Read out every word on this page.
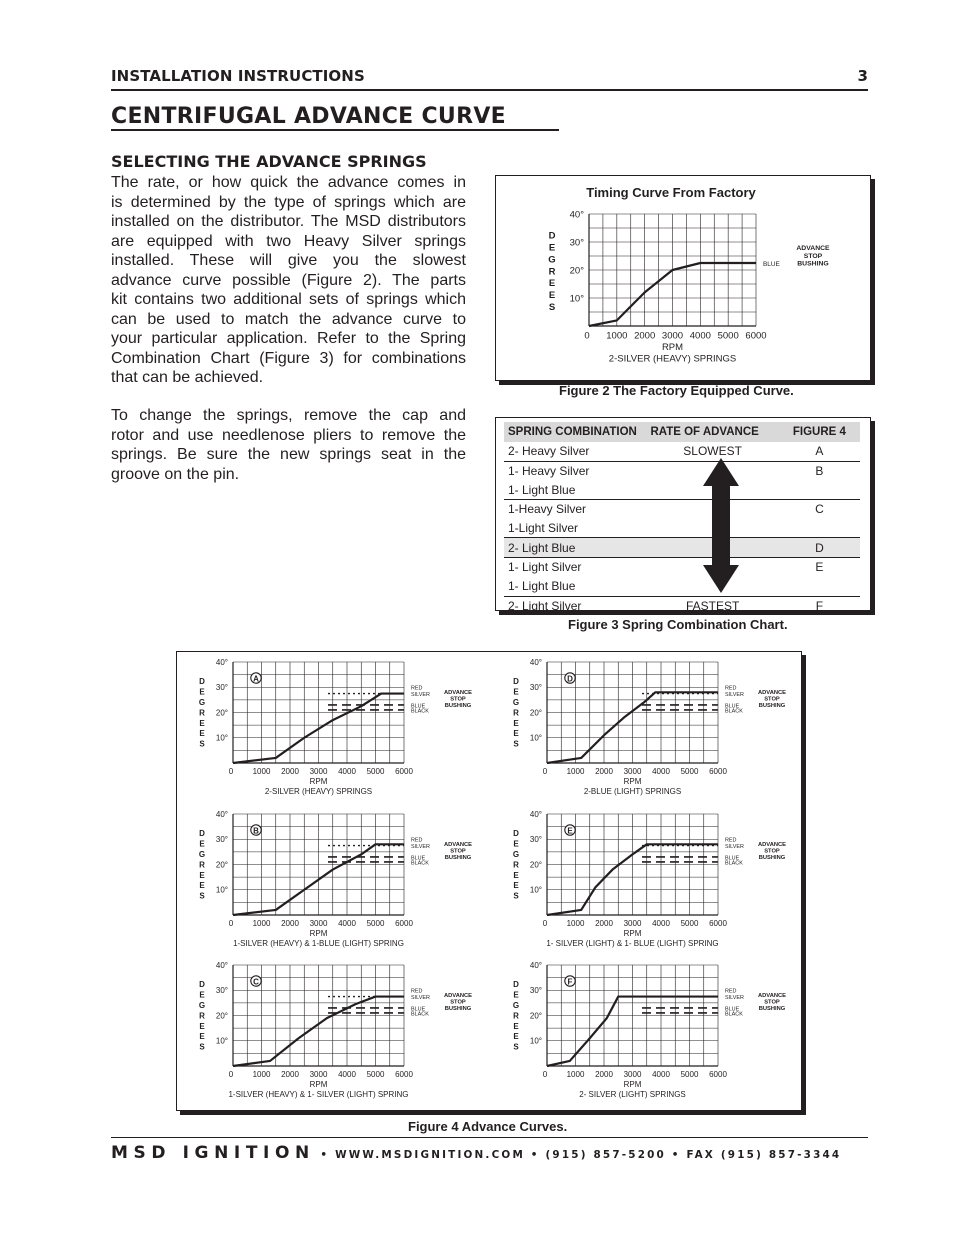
INSTALLATION INSTRUCTIONS	3
CENTRIFUGAL ADVANCE CURVE
SELECTING THE ADVANCE SPRINGS

The rate, or how quick the advance comes in

is determined by the type of springs which are

installed on the distributor. The MSD distributors

are equipped with two Heavy Silver springs

installed. These will give you the slowest

advance curve possible (Figure 2). The parts

kit contains two additional sets of springs which

can be used to match the advance curve to

your particular application. Refer to the Spring

Combination Chart (Figure 3) for combinations

that can be achieved.

To change the springs, remove the cap and

rotor and use needlenose pliers to remove the

springs. Be sure the new springs seat in the

groove on the pin.

Timing Curve From Factory
10°
20°
30°
40°
0 1000 2000 3000 4000 5000 6000
RPM
2-SILVER (HEAVY) SPRINGS
D
E
G
R
E
E
S
BLUE
ADVANCE
STOP
BUSHING
Figure 2 The Factory Equipped Curve.
SPRING COMBINATION	RATE OF ADVANCE	FIGURE 4
2- Heavy Silver	SLOWEST	A
1- Heavy Silver		B
1- Light Blue		
1-Heavy Silver		C
1-Light Silver		
2- Light Blue		D
1- Light Silver		E
1- Light Blue		
2- Light Silver	FASTEST	F
Figure 3 Spring Combination Chart.
10°
20°
30°
40°
0 1000 2000 3000 4000 5000 6000
RPM
2-SILVER (HEAVY) SPRINGS
D
E
G
R
E
E
S
RED
SILVER
BLUE
BLACK
ADVANCE
STOP
BUSHING
A
10°
20°
30°
40°
0 1000 2000 3000 4000 5000 6000
RPM
1-SILVER (HEAVY) & 1-BLUE (LIGHT) SPRING
D
E
G
R
E
E
S
RED
SILVER
BLUE
BLACK
ADVANCE
STOP
BUSHING
B
10°
20°
30°
40°
0 1000 2000 3000 4000 5000 6000
RPM
1-SILVER (HEAVY) & 1- SILVER (LIGHT) SPRING
D
E
G
R
E
E
S
RED
SILVER
BLUE
BLACK
ADVANCE
STOP
BUSHING
C
10°
20°
30°
40°
0 1000 2000 3000 4000 5000 6000
RPM
2-BLUE (LIGHT) SPRINGS
D
E
G
R
E
E
S
RED
SILVER
BLUE
BLACK
ADVANCE
STOP
BUSHING
D
10°
20°
30°
40°
0 1000 2000 3000 4000 5000 6000
RPM
1- SILVER (LIGHT) & 1- BLUE (LIGHT) SPRING
D
E
G
R
E
E
S
RED
SILVER
BLUE
BLACK
ADVANCE
STOP
BUSHING
E
10°
20°
30°
40°
0 1000 2000 3000 4000 5000 6000
RPM
2- SILVER (LIGHT) SPRINGS
D
E
G
R
E
E
S
RED
SILVER
BLUE
BLACK
ADVANCE
STOP
BUSHING
F
Figure 4 Advance Curves.
MSD IGNITION • WWW.MSDIGNITION.COM • (915) 857-5200 • FAX (915) 857-3344
